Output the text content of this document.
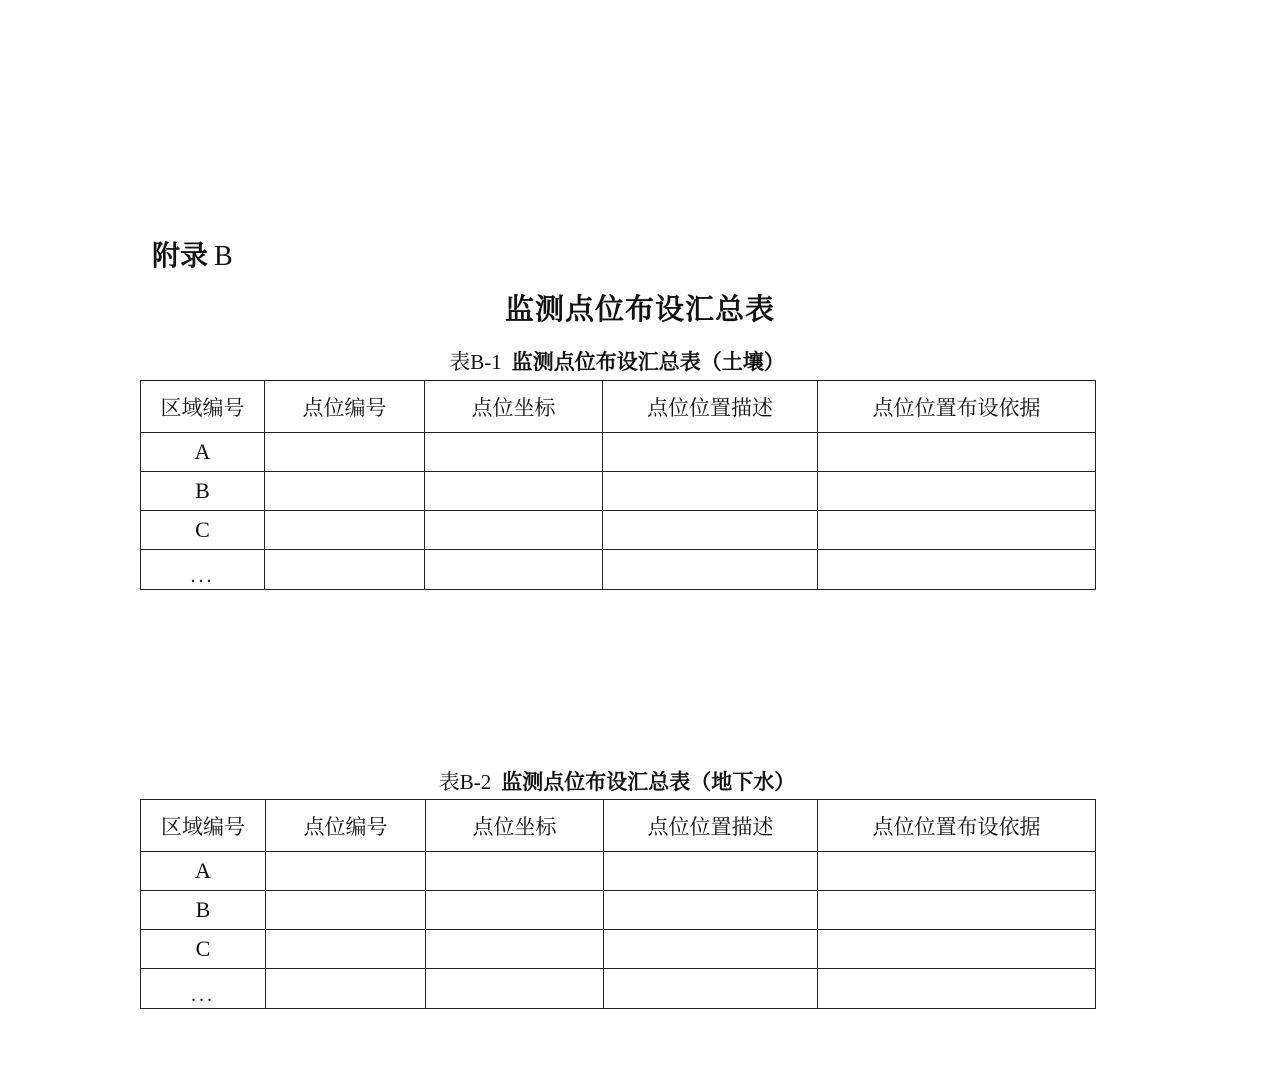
附录 B
监测点位布设汇总表
表B-1 监测点位布设汇总表（土壤）
区域编号	点位编号	点位坐标	点位位置描述	点位位置布设依据
A				
B				
C				
...				
表B-2 监测点位布设汇总表（地下水）
区域编号	点位编号	点位坐标	点位位置描述	点位位置布设依据
A				
B				
C				
...				
